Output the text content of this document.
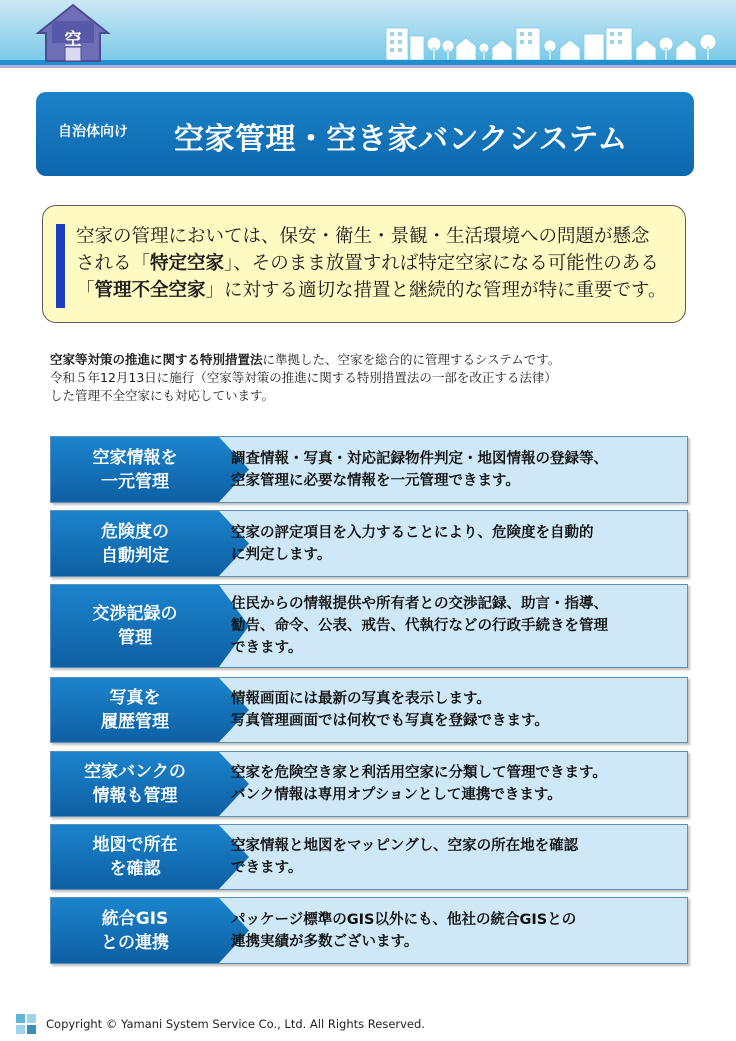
空
自治体向け 空家管理・空き家バンクシステム
空家の管理においては、保安・衛生・景観・生活環境への問題が懸念
される「特定空家」、そのまま放置すれば特定空家になる可能性のある
「管理不全空家」に対する適切な措置と継続的な管理が特に重要です。
空家等対策の推進に関する特別措置法に準拠した、空家を総合的に管理するシステムです。
令和５年12月13日に施行（空家等対策の推進に関する特別措置法の一部を改正する法律）
した管理不全空家にも対応しています。
空家情報を
一元管理
調査情報・写真・対応記録物件判定・地図情報の登録等、
空家管理に必要な情報を一元管理できます。
危険度の
自動判定
空家の評定項目を入力することにより、危険度を自動的
に判定します。
交渉記録の
管理
住民からの情報提供や所有者との交渉記録、助言・指導、
勧告、命令、公表、戒告、代執行などの行政手続きを管理
できます。
写真を
履歴管理
情報画面には最新の写真を表示します。
写真管理画面では何枚でも写真を登録できます。
空家バンクの
情報も管理
空家を危険空き家と利活用空家に分類して管理できます。
バンク情報は専用オプションとして連携できます。
地図で所在
を確認
空家情報と地図をマッピングし、空家の所在地を確認
できます。
統合GIS
との連携
パッケージ標準のGIS以外にも、他社の統合GISとの
連携実績が多数ございます。
Copyright © Yamani System Service Co., Ltd. All Rights Reserved.
